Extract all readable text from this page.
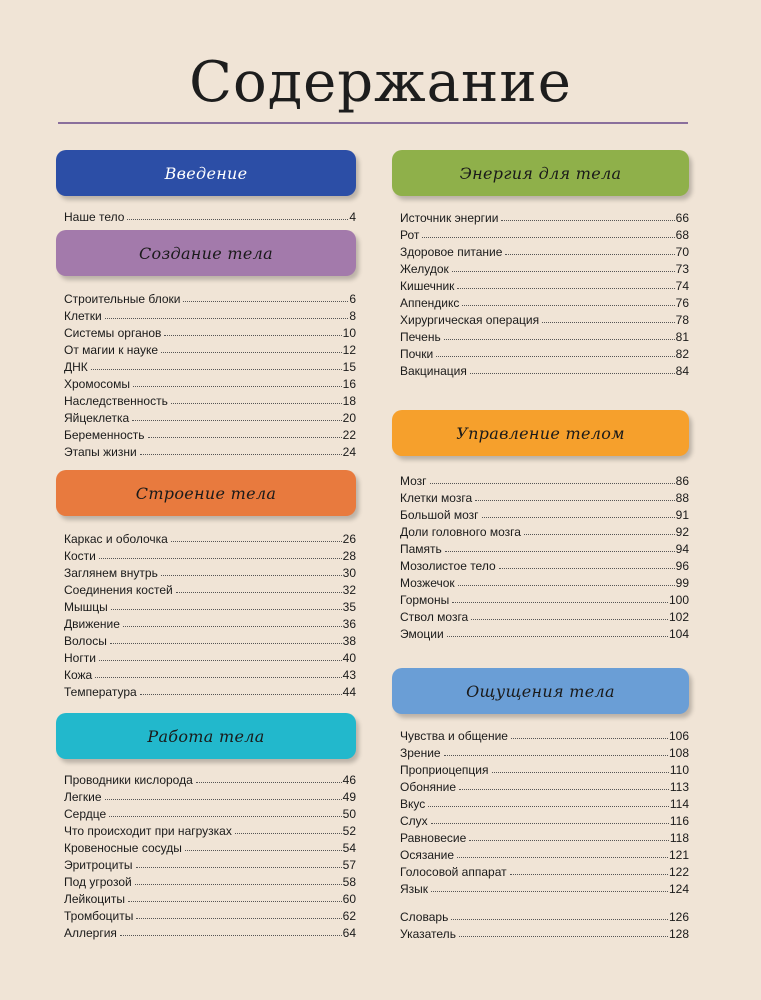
Содержание
Введение
Наше тело	4
Создание тела
Строительные блоки	6
Клетки	8
Системы органов	10
От магии к науке	12
ДНК	15
Хромосомы	16
Наследственность	18
Яйцеклетка	20
Беременность	22
Этапы жизни	24
Строение тела
Каркас и оболочка	26
Кости	28
Заглянем внутрь	30
Соединения костей	32
Мышцы	35
Движение	36
Волосы	38
Ногти	40
Кожа	43
Температура	44
Работа тела
Проводники кислорода	46
Легкие	49
Сердце	50
Что происходит при нагрузках	52
Кровеносные сосуды	54
Эритроциты	57
Под угрозой	58
Лейкоциты	60
Тромбоциты	62
Аллергия	64
Энергия для тела
Источник энергии	66
Рот	68
Здоровое питание	70
Желудок	73
Кишечник	74
Аппендикс	76
Хирургическая операция	78
Печень	81
Почки	82
Вакцинация	84
Управление телом
Мозг	86
Клетки мозга	88
Большой мозг	91
Доли головного мозга	92
Память	94
Мозолистое тело	96
Мозжечок	99
Гормоны	100
Ствол мозга	102
Эмоции	104
Ощущения тела
Чувства и общение	106
Зрение	108
Проприоцепция	110
Обоняние	113
Вкус	114
Слух	116
Равновесие	118
Осязание	121
Голосовой аппарат	122
Язык	124
Словарь	126
Указатель	128
